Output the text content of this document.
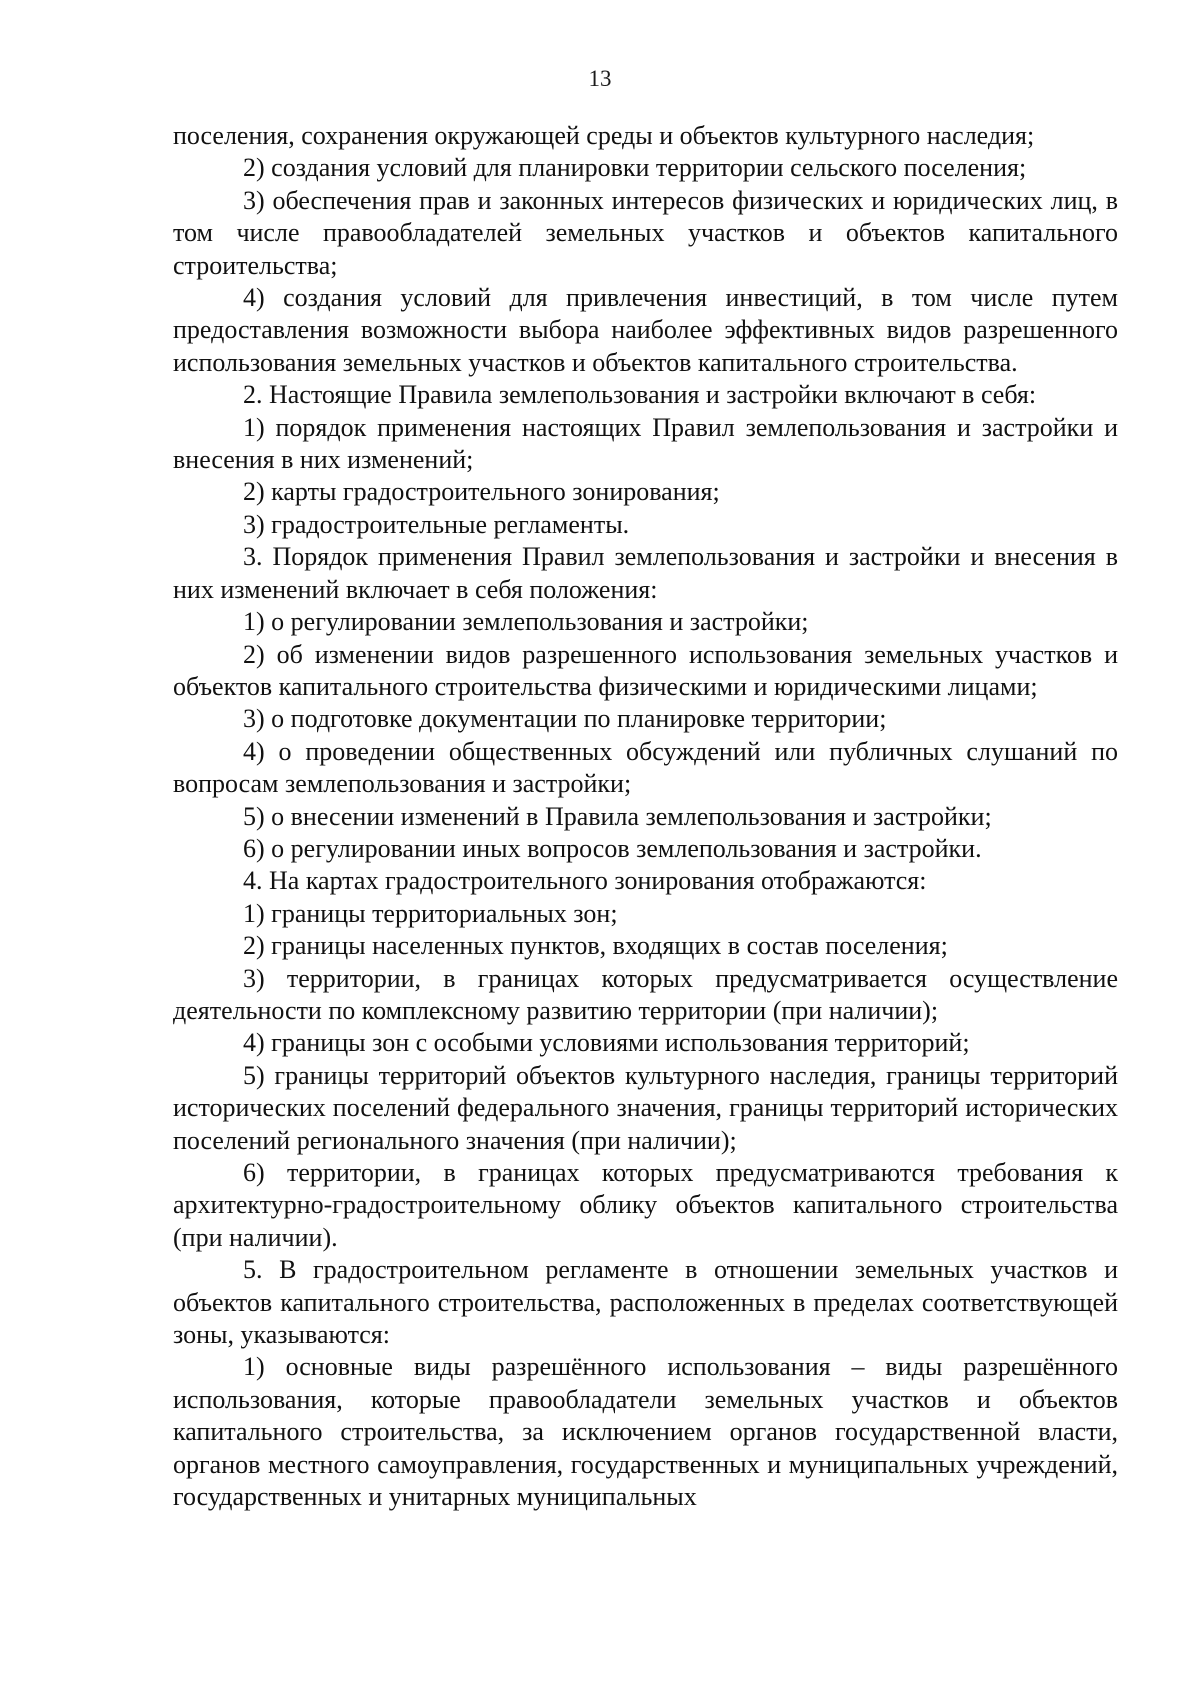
13

поселения, сохранения окружающей среды и объектов культурного наследия;

2) создания условий для планировки территории сельского поселения;

3) обеспечения прав и законных интересов физических и юридических лиц, в том числе правообладателей земельных участков и объектов капитального строительства;

4) создания условий для привлечения инвестиций, в том числе путем предоставления возможности выбора наиболее эффективных видов разрешенного использования земельных участков и объектов капитального строительства.

2. Настоящие Правила землепользования и застройки включают в себя:

1) порядок применения настоящих Правил землепользования и застройки и внесения в них изменений;

2) карты градостроительного зонирования;

3) градостроительные регламенты.

3. Порядок применения Правил землепользования и застройки и внесения в них изменений включает в себя положения:

1) о регулировании землепользования и застройки;

2) об изменении видов разрешенного использования земельных участков и объектов капитального строительства физическими и юридическими лицами;

3) о подготовке документации по планировке территории;

4) о проведении общественных обсуждений или публичных слушаний по вопросам землепользования и застройки;

5) о внесении изменений в Правила землепользования и застройки;

6) о регулировании иных вопросов землепользования и застройки.

4. На картах градостроительного зонирования отображаются:

1) границы территориальных зон;

2) границы населенных пунктов, входящих в состав поселения;

3) территории, в границах которых предусматривается осуществление деятельности по комплексному развитию территории (при наличии);

4) границы зон с особыми условиями использования территорий;

5) границы территорий объектов культурного наследия, границы территорий исторических поселений федерального значения, границы территорий исторических поселений регионального значения (при наличии);

6) территории, в границах которых предусматриваются требования к архитектурно-градостроительному облику объектов капитального строительства (при наличии).

5. В градостроительном регламенте в отношении земельных участков и объектов капитального строительства, расположенных в пределах соответствующей зоны, указываются:

1) основные виды разрешённого использования – виды разрешённого использования, которые правообладатели земельных участков и объектов капитального строительства, за исключением органов государственной власти, органов местного самоуправления, государственных и муниципальных учреждений, государственных и унитарных муниципальных
